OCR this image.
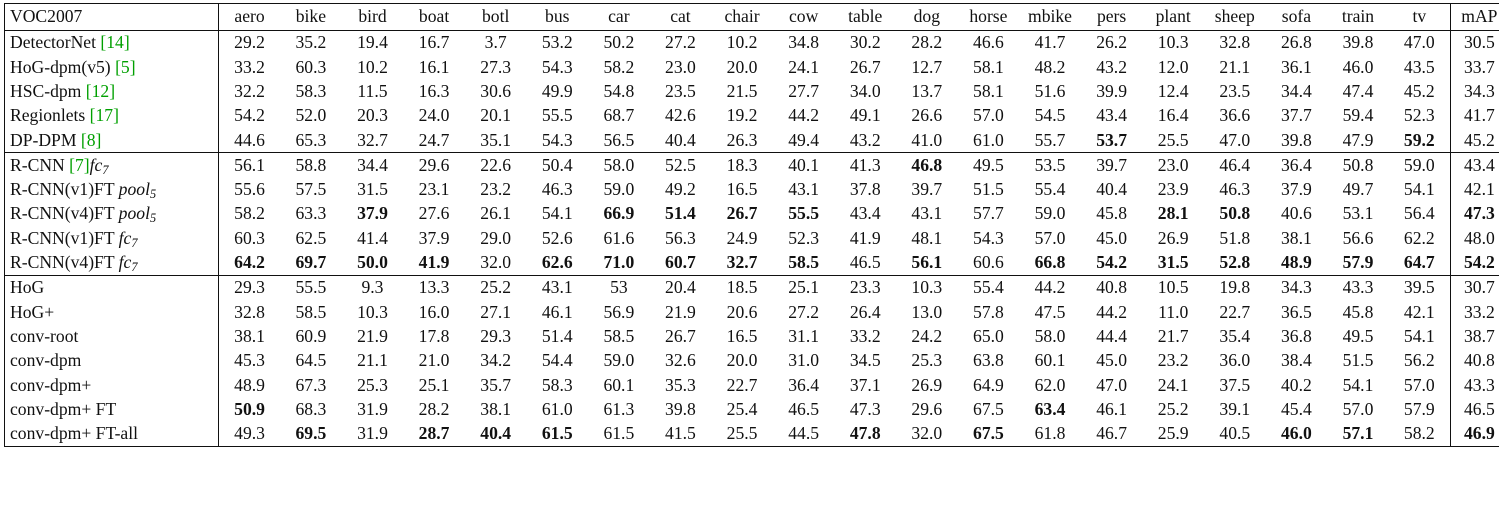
VOC2007	aero	bike	bird	boat	botl	bus	car	cat	chair	cow	table	dog	horse	mbike	pers	plant	sheep	sofa	train	tv	mAP
DetectorNet [14]	29.2	35.2	19.4	16.7	3.7	53.2	50.2	27.2	10.2	34.8	30.2	28.2	46.6	41.7	26.2	10.3	32.8	26.8	39.8	47.0	30.5
HoG-dpm(v5) [5]	33.2	60.3	10.2	16.1	27.3	54.3	58.2	23.0	20.0	24.1	26.7	12.7	58.1	48.2	43.2	12.0	21.1	36.1	46.0	43.5	33.7
HSC-dpm [12]	32.2	58.3	11.5	16.3	30.6	49.9	54.8	23.5	21.5	27.7	34.0	13.7	58.1	51.6	39.9	12.4	23.5	34.4	47.4	45.2	34.3
Regionlets [17]	54.2	52.0	20.3	24.0	20.1	55.5	68.7	42.6	19.2	44.2	49.1	26.6	57.0	54.5	43.4	16.4	36.6	37.7	59.4	52.3	41.7
DP-DPM [8]	44.6	65.3	32.7	24.7	35.1	54.3	56.5	40.4	26.3	49.4	43.2	41.0	61.0	55.7	53.7	25.5	47.0	39.8	47.9	59.2	45.2
R-CNN $[7]fc_7$	56.1	58.8	34.4	29.6	22.6	50.4	58.0	52.5	18.3	40.1	41.3	46.8	49.5	53.5	39.7	23.0	46.4	36.4	50.8	59.0	43.4
R-CNN(v1)FT pool$_5$	55.6	57.5	31.5	23.1	23.2	46.3	59.0	49.2	16.5	43.1	37.8	39.7	51.5	55.4	40.4	23.9	46.3	37.9	49.7	54.1	42.1
R-CNN(v4)FT pool$_5$	58.2	63.3	37.9	27.6	26.1	54.1	66.9	51.4	26.7	55.5	43.4	43.1	57.7	59.0	45.8	28.1	50.8	40.6	53.1	56.4	47.3
R-CNN(v1)FT $fc_7$	60.3	62.5	41.4	37.9	29.0	52.6	61.6	56.3	24.9	52.3	41.9	48.1	54.3	57.0	45.0	26.9	51.8	38.1	56.6	62.2	48.0
R-CNN(v4)FT $fc_7$	64.2	69.7	50.0	41.9	32.0	62.6	71.0	60.7	32.7	58.5	46.5	56.1	60.6	66.8	54.2	31.5	52.8	48.9	57.9	64.7	54.2
HoG	29.3	55.5	9.3	13.3	25.2	43.1	53	20.4	18.5	25.1	23.3	10.3	55.4	44.2	40.8	10.5	19.8	34.3	43.3	39.5	30.7
HoG+	32.8	58.5	10.3	16.0	27.1	46.1	56.9	21.9	20.6	27.2	26.4	13.0	57.8	47.5	44.2	11.0	22.7	36.5	45.8	42.1	33.2
conv-root	38.1	60.9	21.9	17.8	29.3	51.4	58.5	26.7	16.5	31.1	33.2	24.2	65.0	58.0	44.4	21.7	35.4	36.8	49.5	54.1	38.7
conv-dpm	45.3	64.5	21.1	21.0	34.2	54.4	59.0	32.6	20.0	31.0	34.5	25.3	63.8	60.1	45.0	23.2	36.0	38.4	51.5	56.2	40.8
conv-dpm+	48.9	67.3	25.3	25.1	35.7	58.3	60.1	35.3	22.7	36.4	37.1	26.9	64.9	62.0	47.0	24.1	37.5	40.2	54.1	57.0	43.3
conv-dpm+ FT	50.9	68.3	31.9	28.2	38.1	61.0	61.3	39.8	25.4	46.5	47.3	29.6	67.5	63.4	46.1	25.2	39.1	45.4	57.0	57.9	46.5
conv-dpm+ FT-all	49.3	69.5	31.9	28.7	40.4	61.5	61.5	41.5	25.5	44.5	47.8	32.0	67.5	61.8	46.7	25.9	40.5	46.0	57.1	58.2	46.9
